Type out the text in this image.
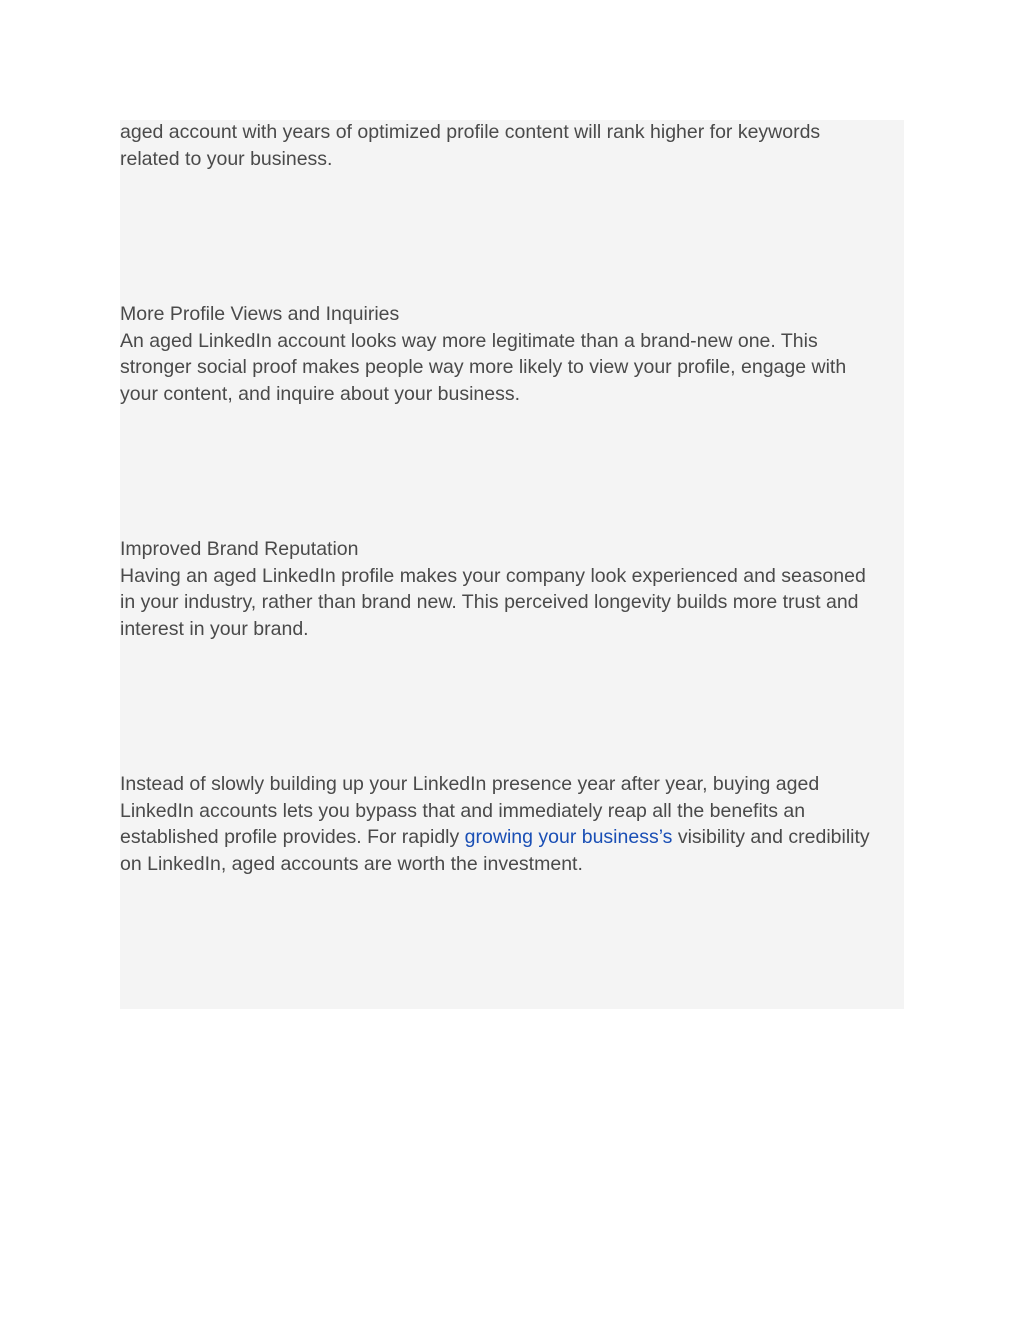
aged account with years of optimized profile content will rank higher for keywords
related to your business.

More Profile Views and Inquiries
An aged LinkedIn account looks way more legitimate than a brand-new one. This
stronger social proof makes people way more likely to view your profile, engage with
your content, and inquire about your business.

Improved Brand Reputation
Having an aged LinkedIn profile makes your company look experienced and seasoned
in your industry, rather than brand new. This perceived longevity builds more trust and
interest in your brand.

Instead of slowly building up your LinkedIn presence year after year, buying aged
LinkedIn accounts lets you bypass that and immediately reap all the benefits an
established profile provides. For rapidly growing your business’s visibility and credibility
on LinkedIn, aged accounts are worth the investment.
